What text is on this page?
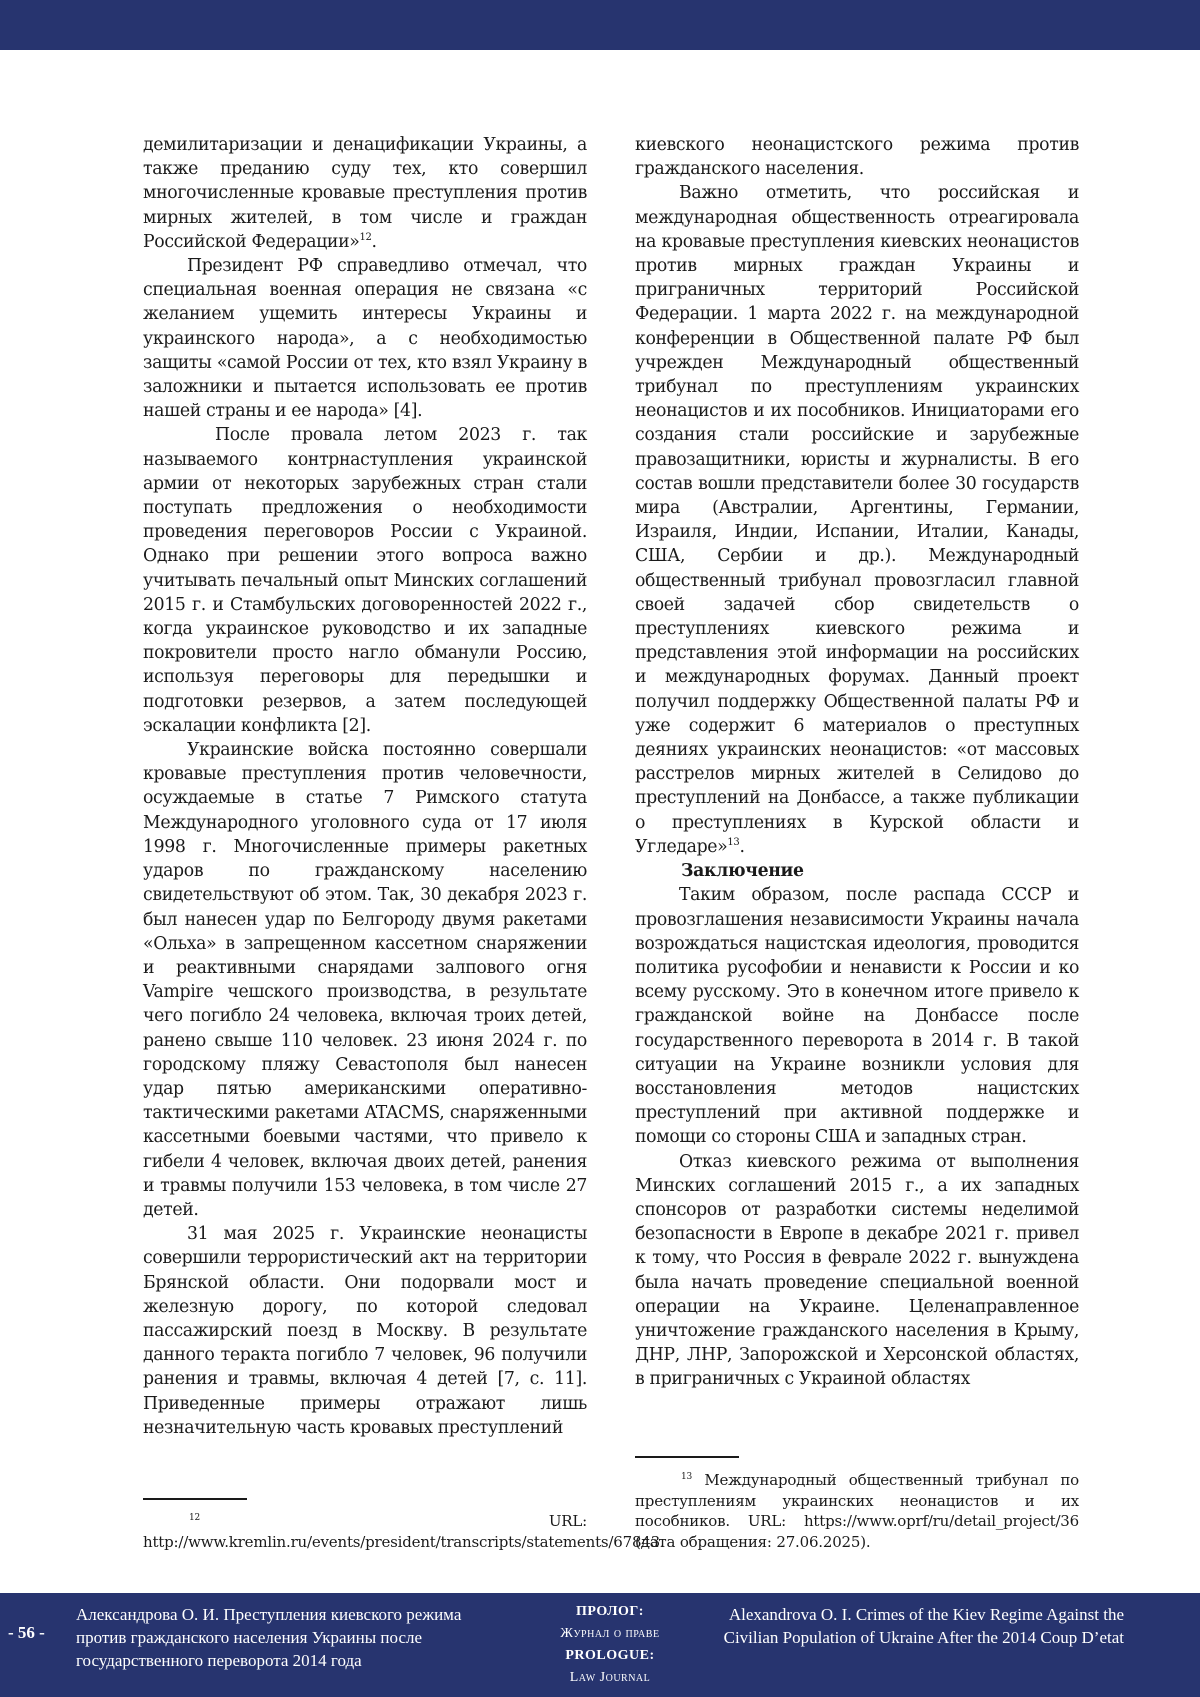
демилитаризации и денацификации Украины, а также преданию суду тех, кто совершил многочисленные кровавые преступления против мирных жителей, в том числе и граждан Российской Федерации»$^{12}$.

Президент РФ справедливо отмечал, что специальная военная операция не связана «с желанием ущемить интересы Украины и украинского народа», а с необходимостью защиты «самой России от тех, кто взял Украину в заложники и пытается использовать ее против нашей страны и ее народа» [4].

После провала летом 2023 г. так называемого контрнаступления украинской армии от некоторых зарубежных стран стали поступать предложения о необходимости проведения переговоров России с Украиной. Однако при решении этого вопроса важно учитывать печальный опыт Минских соглашений 2015 г. и Стамбульских договоренностей 2022 г., когда украинское руководство и их западные покровители просто нагло обманули Россию, используя переговоры для передышки и подготовки резервов, а затем последующей эскалации конфликта [2].

Украинские войска постоянно совершали кровавые преступления против человечности, осуждаемые в статье 7 Римского статута Международного уголовного суда от 17 июля 1998 г. Многочисленные примеры ракетных ударов по гражданскому населению свидетельствуют об этом. Так, 30 декабря 2023 г. был нанесен удар по Белгороду двумя ракетами «Ольха» в запрещенном кассетном снаряжении и реактивными снарядами залпового огня Vampire чешского производства, в результате чего погибло 24 человека, включая троих детей, ранено свыше 110 человек. 23 июня 2024 г. по городскому пляжу Севастополя был нанесен удар пятью американскими оперативно-тактическими ракетами ATACMS, снаряженными кассетными боевыми частями, что привело к гибели 4 человек, включая двоих детей, ранения и травмы получили 153 человека, в том числе 27 детей.

31 мая 2025 г. Украинские неонацисты совершили террористический акт на территории Брянской области. Они подорвали мост и железную дорогу, по которой следовал пассажирский поезд в Москву. В результате данного теракта погибло 7 человек, 96 получили ранения и травмы, включая 4 детей [7, с. 11]. Приведенные примеры отражают лишь незначительную часть кровавых преступлений

киевского неонацистского режима против гражданского населения.

Важно отметить, что российская и международная общественность отреагировала на кровавые преступления киевских неонацистов против мирных граждан Украины и приграничных территорий Российской Федерации. 1 марта 2022 г. на международной конференции в Общественной палате РФ был учрежден Международный общественный трибунал по преступлениям украинских неонацистов и их пособников. Инициаторами его создания стали российские и зарубежные правозащитники, юристы и журналисты. В его состав вошли представители более 30 государств мира (Австралии, Аргентины, Германии, Израиля, Индии, Испании, Италии, Канады, США, Сербии и др.). Международный общественный трибунал провозгласил главной своей задачей сбор свидетельств о преступлениях киевского режима и представления этой информации на российских и международных форумах. Данный проект получил поддержку Общественной палаты РФ и уже содержит 6 материалов о преступных деяниях украинских неонацистов: «от массовых расстрелов мирных жителей в Селидово до преступлений на Донбассе, а также публикации о преступлениях в Курской области и Угледаре»$^{13}$.

Заключение

Таким образом, после распада СССР и провозглашения независимости Украины начала возрождаться нацистская идеология, проводится политика русофобии и ненависти к России и ко всему русскому. Это в конечном итоге привело к гражданской войне на Донбассе после государственного переворота в 2014 г. В такой ситуации на Украине возникли условия для восстановления методов нацистских преступлений при активной поддержке и помощи со стороны США и западных стран.

Отказ киевского режима от выполнения Минских соглашений 2015 г., а их западных спонсоров от разработки системы неделимой безопасности в Европе в декабре 2021 г. привел к тому, что Россия в феврале 2022 г. вынуждена была начать проведение специальной военной операции на Украине. Целенаправленное уничтожение гражданского населения в Крыму, ДНР, ЛНР, Запорожской и Херсонской областях, в приграничных с Украиной областях

$^{13}$ Международный общественный трибунал по преступлениям украинских неонацистов и их пособников. URL: https://www.oprf/ru/detail_project/36 (дата обращения: 27.06.2025).

$^{12}$	URL: http://www.kremlin.ru/events/president/transcripts/statements/67843.

- 56 -
Александрова О. И. Преступления киевского режима против гражданского населения Украины после государственного переворота 2014 года
ПРОЛОГ:
Журнал о праве
PROLOGUE:
Law Journal
Alexandrova O. I. Crimes of the Kiev Regime Against the Civilian Population of Ukraine After the 2014 Coup D’etat
